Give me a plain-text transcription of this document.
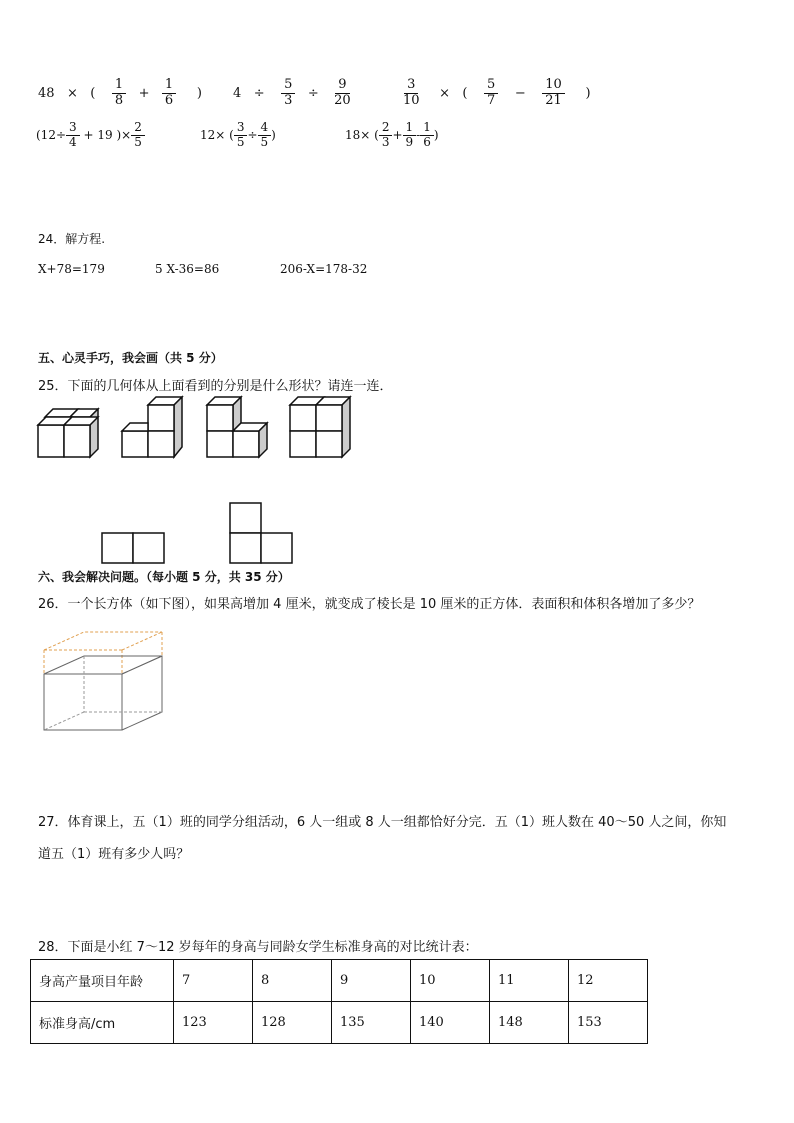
48 × ( $\frac{1}{8} + \frac{1}{6}$ ) $4 \div \frac{5}{3} \div \frac{9}{20}$	$\frac{3}{10}$ × ( $\frac{5}{7} - \frac{10}{21}$ )
($12\div \frac{3}{4} + 19$ )× $\frac{2}{5}$	12× ( $\frac{3}{5} \div \frac{4}{5}$ )	18× ( $\frac{2}{3} + \frac{1}{9} - \frac{1}{6}$ )
24．解方程.
X+78=179	5 X-36=86	206-X=178-32
五、心灵手巧，我会画（共 5 分）
25．下面的几何体从上面看到的分别是什么形状？请连一连．
六、我会解决问题。（每小题 5 分，共 35 分）
26．一个长方体（如下图），如果高增加 4 厘米，就变成了棱长是 10 厘米的正方体．表面积和体积各增加了多少？
27．体育课上，五（1）班的同学分组活动，6 人一组或 8 人一组都恰好分完．五（1）班人数在 40～50 人之间，你知
道五（1）班有多少人吗？
28．下面是小红 7～12 岁每年的身高与同龄女学生标准身高的对比统计表：
身高产量项目年龄	7	8	9	10	11	12
标准身高/cm	123	128	135	140	148	153
